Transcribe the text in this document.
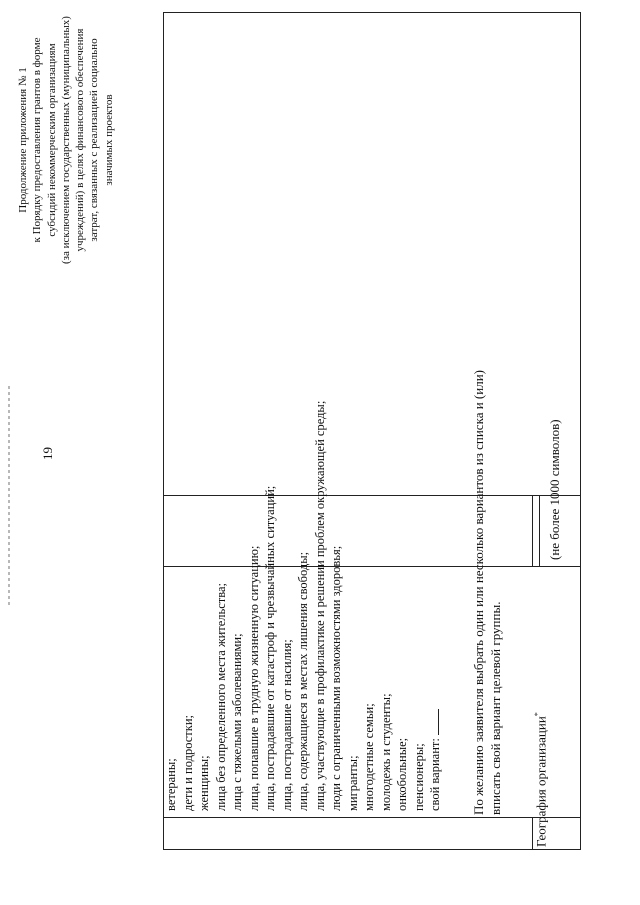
19
Продолжение приложения № 1 к Порядку предоставления грантов в форме субсидий некоммерческим организациям (за исключением государственных (муниципальных) учреждений) в целях финансового обеспечения затрат, связанных с реализацией социально значимых проектов
ветераны; дети и подростки; женщины; лица без определенного места жительства; лица с тяжелыми заболеваниями; лица, попавшие в трудную жизненную ситуацию; лица, пострадавшие от катастроф и чрезвычайных ситуаций; лица, пострадавшие от насилия; лица, содержащиеся в местах лишения свободы; лица, участвующие в профилактике и решении проблем окружающей среды; люди с ограниченными возможностями здоровья; мигранты; многодетные семьи; молодежь и студенты; онкобольные; пенсионеры; свой вариант: По желанию заявителя выбрать один или несколько вариантов из списка и (или) вписать свой вариант целевой группы. География организации*
(не более 1000 символов)
